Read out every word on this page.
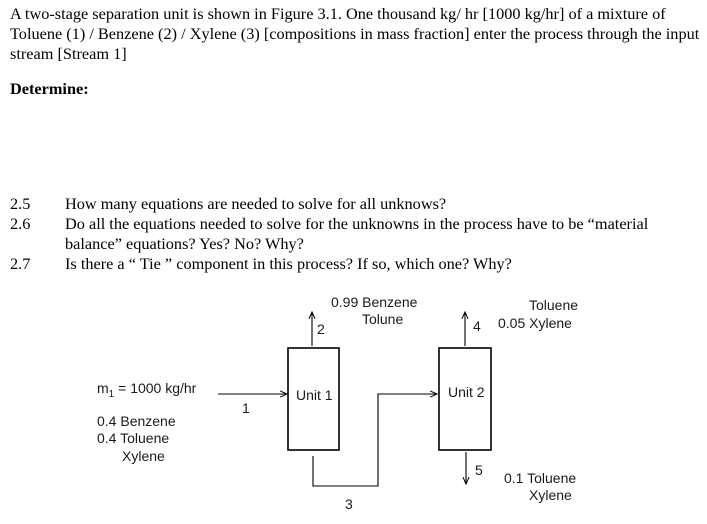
A two-stage separation unit is shown in Figure 3.1. One thousand kg/ hr [1000 kg/hr] of a mixture of Toluene (1) / Benzene (2) / Xylene (3) [compositions in mass fraction] enter the process through the input stream [Stream 1]
Determine:
2.5 How many equations are needed to solve for all unknows?
2.6 Do all the equations needed to solve for the unknowns in the process have to be “material balance” equations? Yes? No? Why?
2.7 Is there a “ Tie ” component in this process? If so, which one? Why?
$m_1 = 1000$ kg/hr
0.4 Benzene
0.4 Toluene
Xylene
1
2
3
4
5
Unit 1	Unit 2
0.99 Benzene
Tolune
Toluene
0.05 Xylene
0.1 Toluene
Xylene
